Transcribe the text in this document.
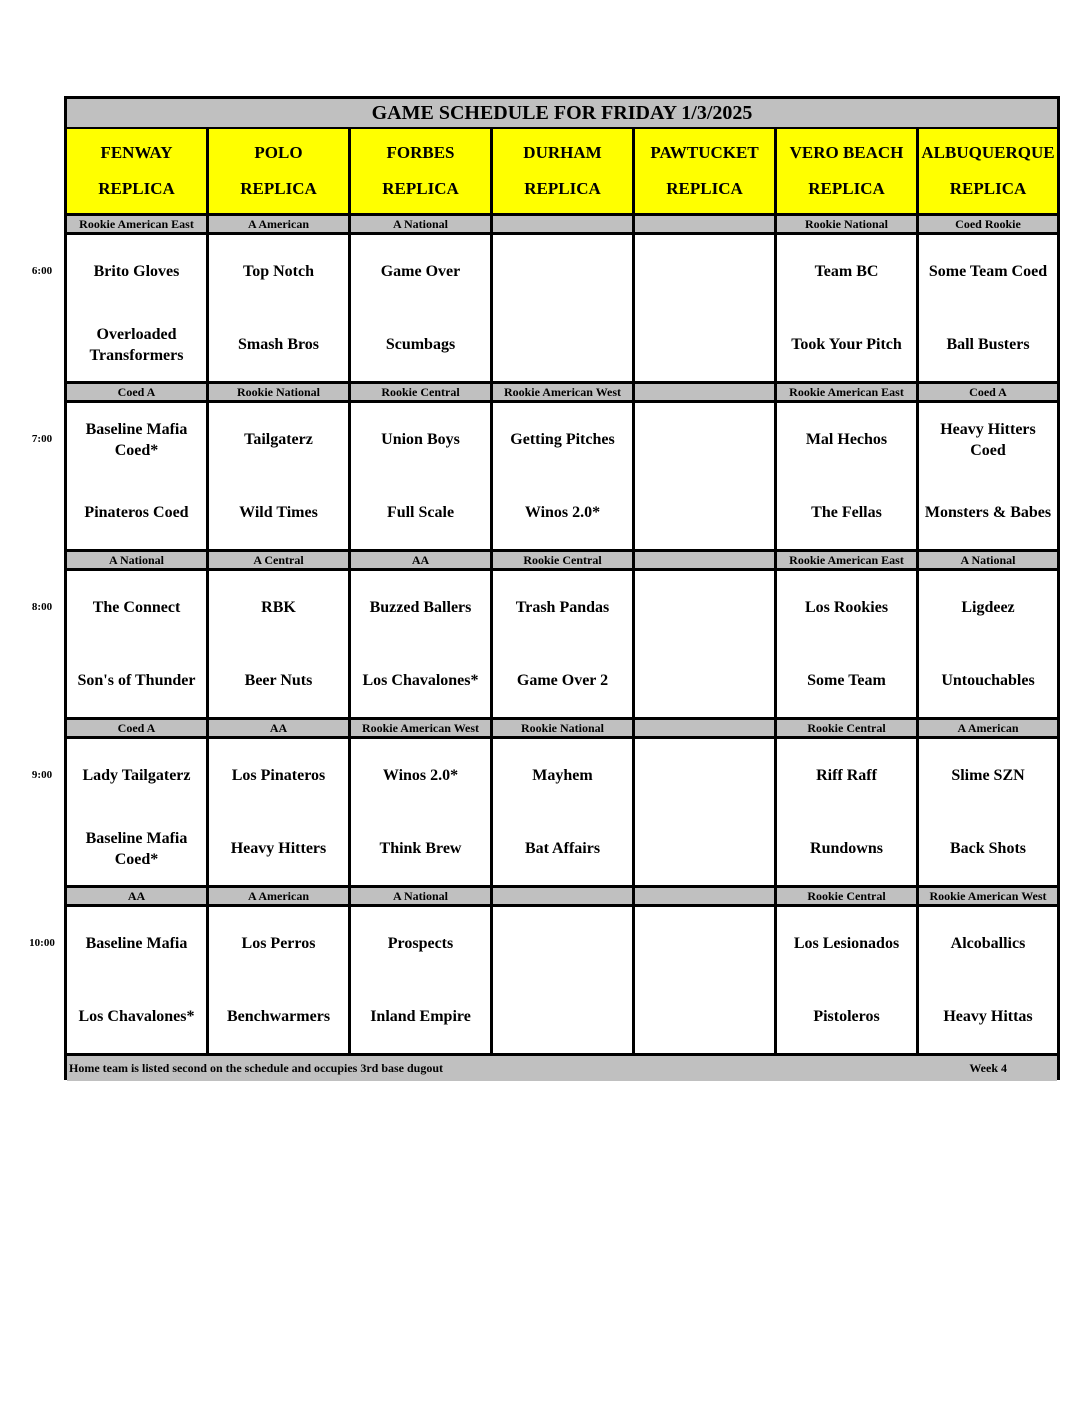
GAME SCHEDULE FOR FRIDAY 1/3/2025
FENWAY
REPLICA
POLO
REPLICA
FORBES
REPLICA
DURHAM
REPLICA
PAWTUCKET
REPLICA
VERO BEACH
REPLICA
ALBUQUERQUE
REPLICA
Rookie American East
Brito Gloves
Overloaded Transformers
A American
Top Notch
Smash Bros
A National
Game Over
Scumbags
Rookie National
Team BC
Took Your Pitch
Coed Rookie
Some Team Coed
Ball Busters
Coed A
Baseline Mafia Coed*
Pinateros Coed
Rookie National
Tailgaterz
Wild Times
Rookie Central
Union Boys
Full Scale
Rookie American West
Getting Pitches
Winos 2.0*
Rookie American East
Mal Hechos
The Fellas
Coed A
Heavy Hitters Coed
Monsters & Babes
A National
The Connect
Son's of Thunder
A Central
RBK
Beer Nuts
AA
Buzzed Ballers
Los Chavalones*
Rookie Central
Trash Pandas
Game Over 2
Rookie American East
Los Rookies
Some Team
A National
Ligdeez
Untouchables
Coed A
Lady Tailgaterz
Baseline Mafia Coed*
AA
Los Pinateros
Heavy Hitters
Rookie American West
Winos 2.0*
Think Brew
Rookie National
Mayhem
Bat Affairs
Rookie Central
Riff Raff
Rundowns
A American
Slime SZN
Back Shots
AA
Baseline Mafia
Los Chavalones*
A American
Los Perros
Benchwarmers
A National
Prospects
Inland Empire
Rookie Central
Los Lesionados
Pistoleros
Rookie American West
Alcoballics
Heavy Hittas
Home team is listed second on the schedule and occupies 3rd base dugout	Week 4
6:00
7:00
8:00
9:00
10:00
